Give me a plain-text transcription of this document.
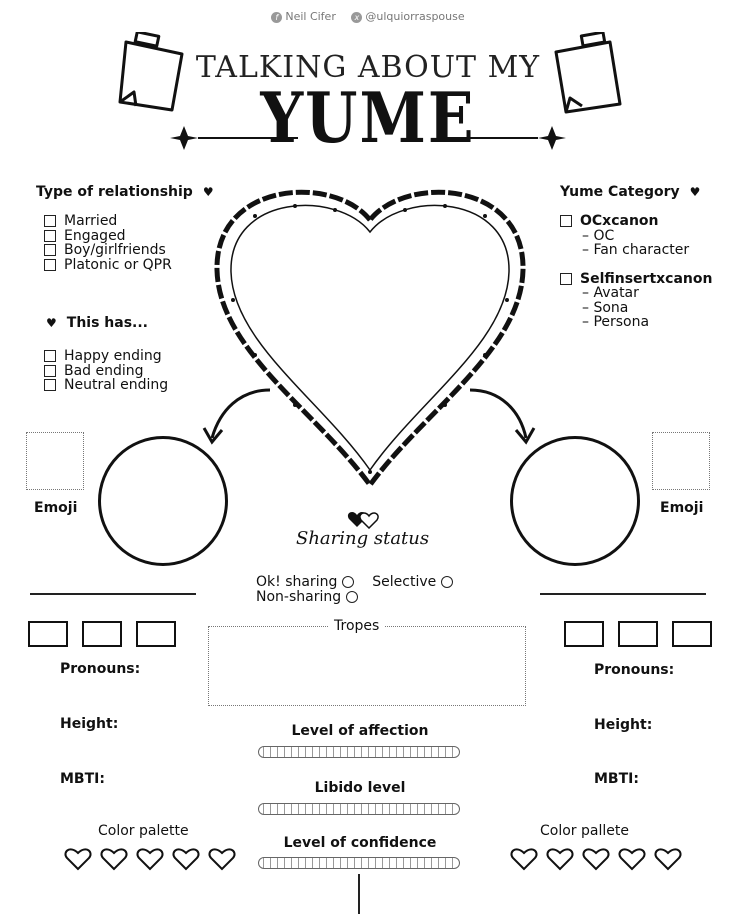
f Neil Cifer x @ulquiorraspouse
TALKING ABOUT MY
YUME
Type of relationship ♥
Married
Engaged
Boy/girlfriends
Platonic or QPR
♥ This has...
Happy ending
Bad ending
Neutral ending
Yume Category ♥
OCxcanon
– OC
– Fan character
Selfinsertxcanon
– Avatar
– Sona
– Persona
Emoji	Emoji
Sharing status
Ok! sharing Selective
Non-sharing
Tropes
Pronouns:
Height:
MBTI:
Color palette
Pronouns:
Height:
MBTI:
Color pallete
Level of affection
Libido level
Level of confidence
